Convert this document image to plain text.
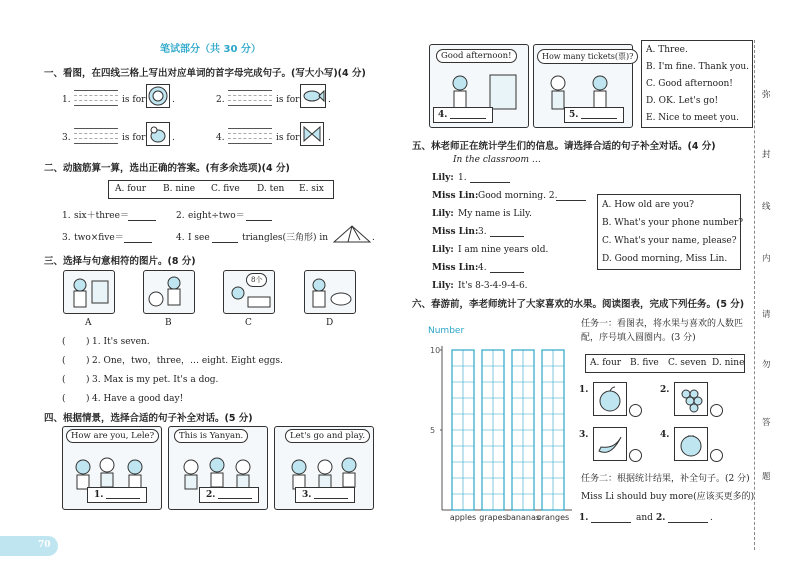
笔试部分（共 30 分）
一、看图，在四线三格上写出对应单词的首字母完成句子。(写大小写)(4 分)
1.	is for	.	2.	is for	.
3.	is for	.	4.	is for	.
二、动脑筋算一算，选出正确的答案。(有多余选项)(4 分)
A. four B. nine C. five D. ten E. six
1. six＋three＝	2. eight÷two＝
3. two×five＝	4. I see	triangles(三角形) in	.
三、选择与句意相符的图片。(8 分)
8个
A	B	C	D
( ) 1. It's seven.
( ) 2. One，two，three，… eight. Eight eggs.
( ) 3. Max is my pet. It's a dog.
( ) 4. Have a good day!
四、根据情景，选择合适的句子补全对话。(5 分)
How are you, Lele?
1.
This is Yanyan.
2.
Let's go and play.
3.
70
Good afternoon!
4.
How many tickets(票)?
5.
A. Three.
B. I'm fine. Thank you.
C. Good afternoon!
D. OK. Let's go!
E. Nice to meet you.
五、林老师正在统计学生们的信息。请选择合适的句子补全对话。(4 分)
In the classroom …
Lily: 1.
Miss Lin: Good morning. 2.
Lily: My name is Lily.
Miss Lin: 3.
Lily: I am nine years old.
Miss Lin: 4.
Lily: It's 8-3-4-9-4-6.
A. How old are you?
B. What's your phone number?
C. What's your name, please?
D. Good morning, Miss Lin.
六、春游前，李老师统计了大家喜欢的水果。阅读图表，完成下列任务。(5 分)
Number
5
10
apples grapes bananas
oranges
任务一：看图表，将水果与喜欢的人数匹配，序号填入圆圈内。(3 分)
A. four B. five C. seven D. nine
1.	2.
3.	4.
任务二：根据统计结果，补全句子。(2 分)
Miss Li should buy more(应该买更多的)
1.	and 2.	.
弥
封
线
内
请
勿
答
题
